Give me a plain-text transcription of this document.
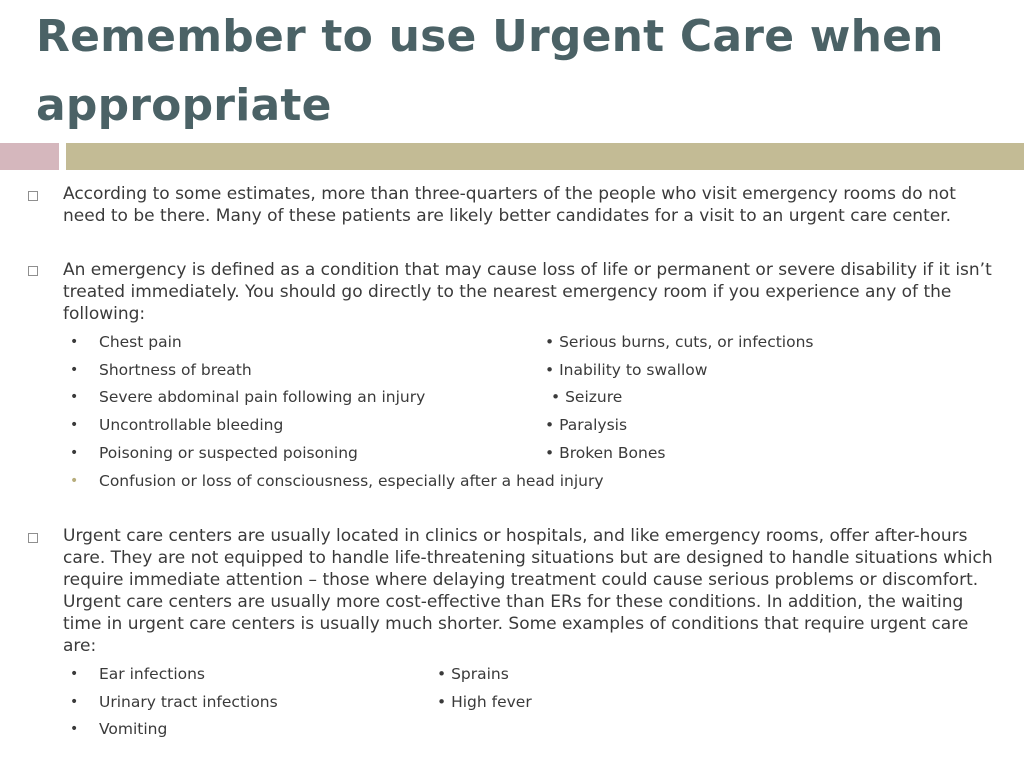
Remember to use Urgent Care when appropriate
According to some estimates, more than three-quarters of the people who visit emergency rooms do not need to be there. Many of these patients are likely better candidates for a visit to an urgent care center.
An emergency is defined as a condition that may cause loss of life or permanent or severe disability if it isn’t treated immediately. You should go directly to the nearest emergency room if you experience any of the following:
• Chest pain
• Shortness of breath
• Severe abdominal pain following an injury
• Uncontrollable bleeding
• Poisoning or suspected poisoning
• Confusion or loss of consciousness, especially after a head injury
• Serious burns, cuts, or infections
• Inability to swallow
• Seizure
• Paralysis
• Broken Bones
Urgent care centers are usually located in clinics or hospitals, and like emergency rooms, offer after-hours care. They are not equipped to handle life-threatening situations but are designed to handle situations which require immediate attention – those where delaying treatment could cause serious problems or discomfort. Urgent care centers are usually more cost-effective than ERs for these conditions. In addition, the waiting time in urgent care centers is usually much shorter. Some examples of conditions that require urgent care are:
• Ear infections
• Urinary tract infections
• Vomiting
• Sprains
• High fever
